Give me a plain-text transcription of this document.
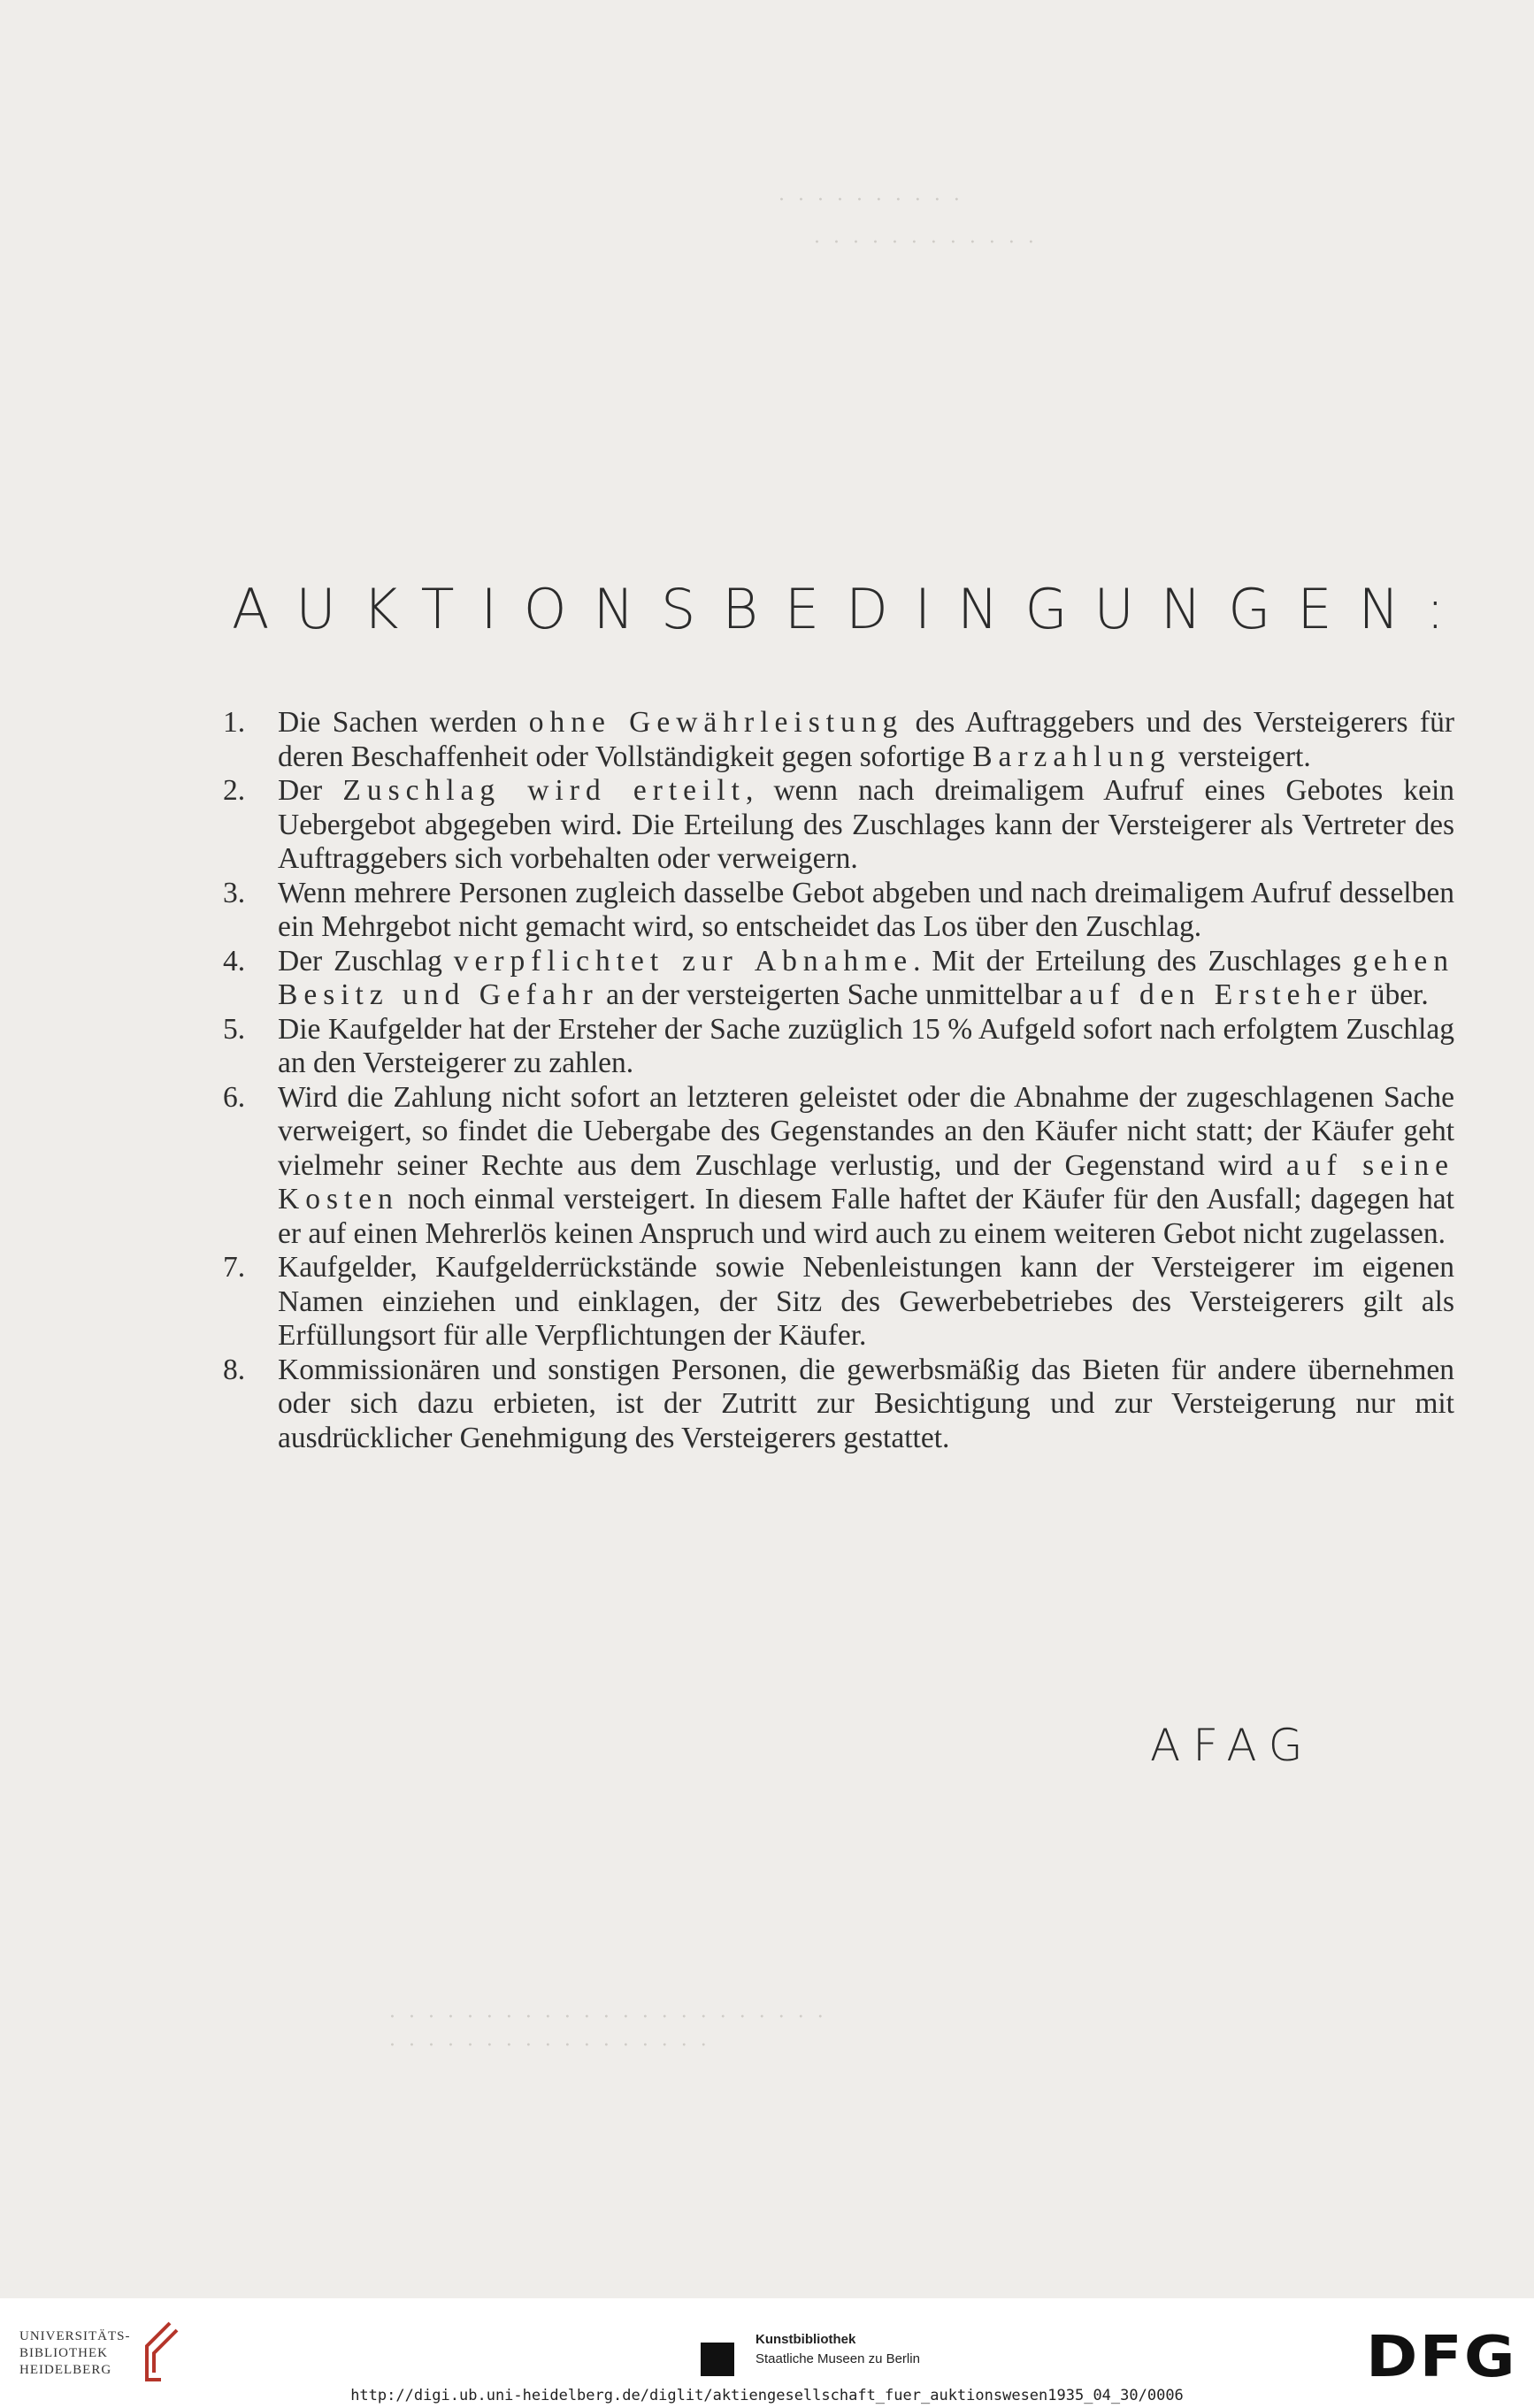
· · · · · · · · · ·
· · · · · · · · · · · ·
· · · · · · · · · · · · · · · · · · · · · · ·
· · · · · · · · · · · · · · · · ·
AUKTIONSBEDINGUNGEN:
1. Die Sachen werden ohne Gewährleistung des Auftraggebers und des Versteigerers für deren Beschaffenheit oder Vollständigkeit gegen sofortige Barzahlung versteigert.
2. Der Zuschlag wird erteilt, wenn nach dreimaligem Aufruf eines Gebotes kein Uebergebot abgegeben wird. Die Erteilung des Zuschlages kann der Versteigerer als Vertreter des Auftraggebers sich vorbehalten oder verweigern.
3. Wenn mehrere Personen zugleich dasselbe Gebot abgeben und nach dreimaligem Aufruf desselben ein Mehrgebot nicht gemacht wird, so entscheidet das Los über den Zuschlag.
4. Der Zuschlag verpflichtet zur Abnahme. Mit der Erteilung des Zuschlages gehen Besitz und Gefahr an der versteigerten Sache unmittelbar auf den Ersteher über.
5. Die Kaufgelder hat der Ersteher der Sache zuzüglich 15 % Aufgeld sofort nach erfolgtem Zuschlag an den Versteigerer zu zahlen.
6. Wird die Zahlung nicht sofort an letzteren geleistet oder die Abnahme der zugeschlagenen Sache verweigert, so findet die Uebergabe des Gegenstandes an den Käufer nicht statt; der Käufer geht vielmehr seiner Rechte aus dem Zuschlage verlustig, und der Gegenstand wird auf seine Kosten noch einmal versteigert. In diesem Falle haftet der Käufer für den Ausfall; dagegen hat er auf einen Mehrerlös keinen Anspruch und wird auch zu einem weiteren Gebot nicht zugelassen.
7. Kaufgelder, Kaufgelderrückstände sowie Nebenleistungen kann der Versteigerer im eigenen Namen einziehen und einklagen, der Sitz des Gewerbebetriebes des Versteigerers gilt als Erfüllungsort für alle Verpflichtungen der Käufer.
8. Kommissionären und sonstigen Personen, die gewerbsmäßig das Bieten für andere übernehmen oder sich dazu erbieten, ist der Zutritt zur Besichtigung und zur Versteigerung nur mit ausdrücklicher Genehmigung des Versteigerers gestattet.
AFAG
UNIVERSITÄTS-
BIBLIOTHEK
HEIDELBERG
Kunstbibliothek
Staatliche Museen zu Berlin	DFG
http://digi.ub.uni-heidelberg.de/diglit/aktiengesellschaft_fuer_auktionswesen1935_04_30/0006
